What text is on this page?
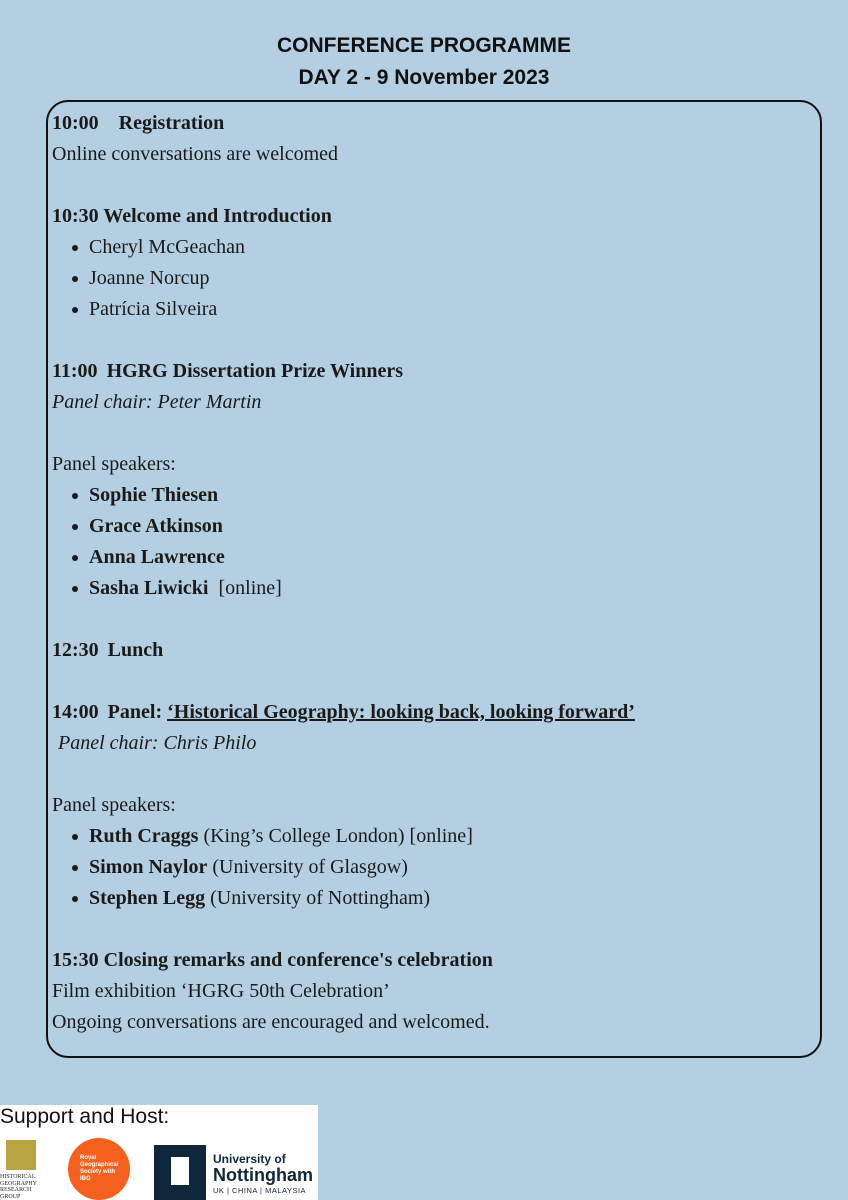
CONFERENCE PROGRAMME
DAY 2 - 9 November 2023

10:00 Registration

Online conversations are welcomed

10:30 Welcome and Introduction

Cheryl McGeachan
Joanne Norcup
Patrícia Silveira

11:00 HGRG Dissertation Prize Winners

Panel chair: Peter Martin

Panel speakers:

Sophie Thiesen
Grace Atkinson
Anna Lawrence
Sasha Liwicki [online]

12:30 Lunch

14:00 Panel: ‘Historical Geography: looking back, looking forward’

Panel chair: Chris Philo

Panel speakers:

Ruth Craggs (King’s College London) [online]
Simon Naylor (University of Glasgow)
Stephen Legg (University of Nottingham)

15:30 Closing remarks and conference's celebration

Film exhibition ‘HGRG 50th Celebration’

Ongoing conversations are encouraged and welcomed.

HISTORICAL GEOGRAPHY RESEARCH GROUP
Royal Geographical Society with IBG
University of
Nottingham
UK | CHINA | MALAYSIA
Support and Host:
